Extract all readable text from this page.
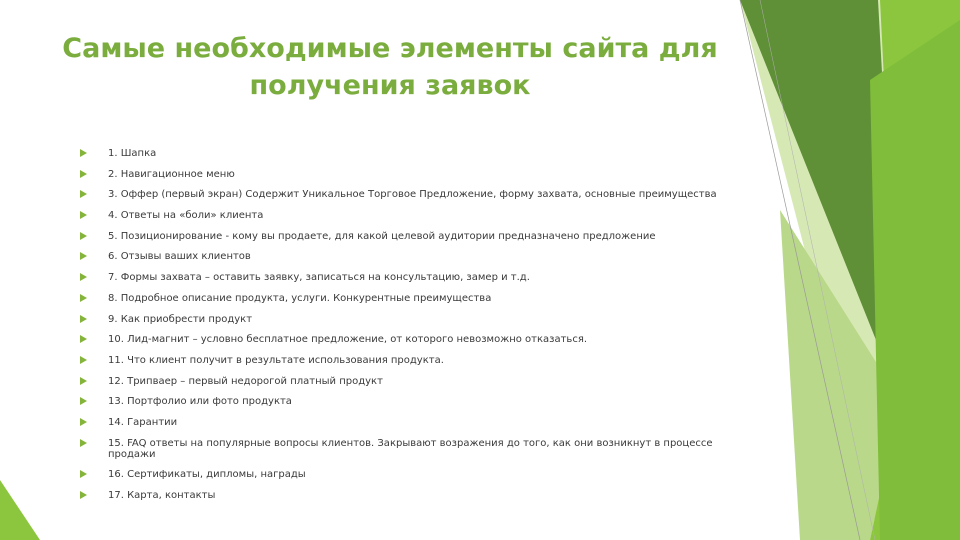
Самые необходимые элементы сайта для
получения заявок
1. Шапка
2. Навигационное меню
3. Оффер (первый экран) Содержит Уникальное Торговое Предложение, форму захвата, основные преимущества
4. Ответы на «боли» клиента
5. Позиционирование - кому вы продаете, для какой целевой аудитории предназначено предложение
6. Отзывы ваших клиентов
7. Формы захвата – оставить заявку, записаться на консультацию, замер и т.д.
8. Подробное описание продукта, услуги. Конкурентные преимущества
9. Как приобрести продукт
10. Лид-магнит – условно бесплатное предложение, от которого невозможно отказаться.
11. Что клиент получит в результате использования продукта.
12. Трипваер – первый недорогой платный продукт
13. Портфолио или фото продукта
14. Гарантии
15. FAQ ответы на популярные вопросы клиентов. Закрывают возражения до того, как они возникнут в процессе продажи
16. Сертификаты, дипломы, награды
17. Карта, контакты
